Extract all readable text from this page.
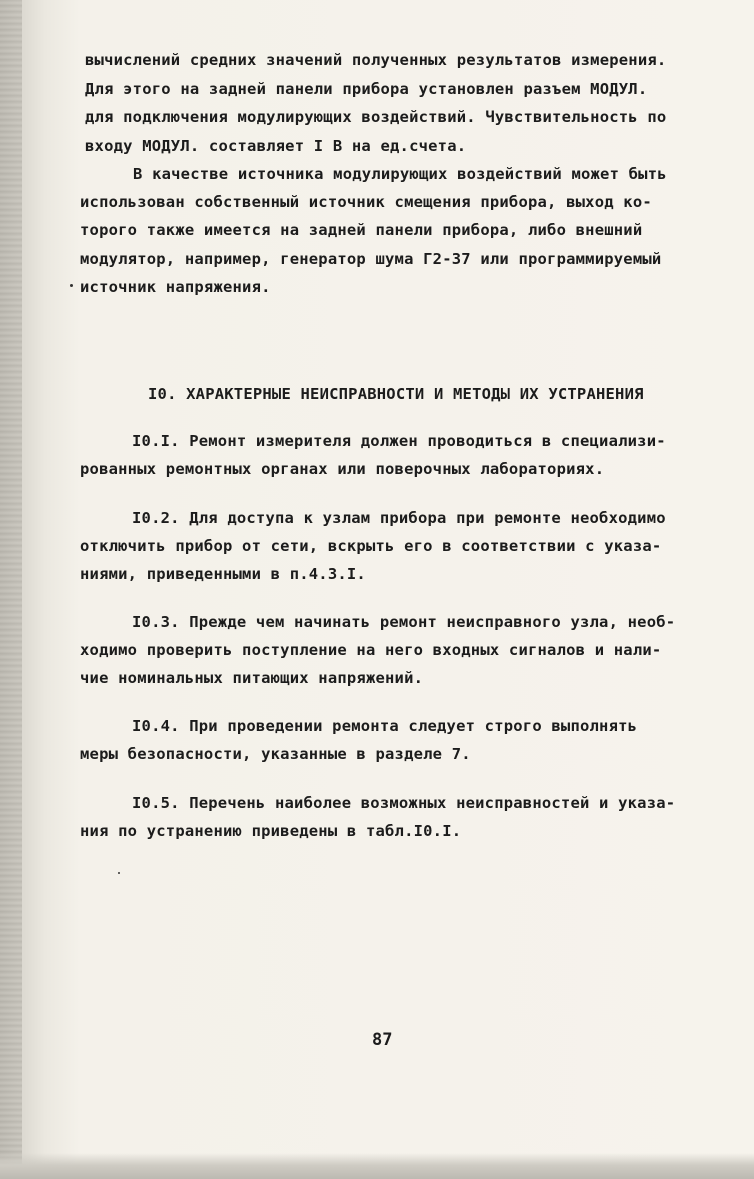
вычислений средних значений полученных результатов измерения.
Для этого на задней панели прибора установлен разъем МОДУЛ.
для подключения модулирующих воздействий. Чувствительность по
входу МОДУЛ. составляет I В на ед.счета.
В качестве источника модулирующих воздействий может быть
использован собственный источник смещения прибора, выход ко-
торого также имеется на задней панели прибора, либо внешний
модулятор, например, генератор шума Г2-37 или программируемый
источник напряжения.
I0. ХАРАКТЕРНЫЕ НЕИСПРАВНОСТИ И МЕТОДЫ ИХ УСТРАНЕНИЯ
I0.I. Ремонт измерителя должен проводиться в специализи-
рованных ремонтных органах или поверочных лабораториях.
I0.2. Для доступа к узлам прибора при ремонте необходимо
отключить прибор от сети, вскрыть его в соответствии с указа-
ниями, приведенными в п.4.3.I.
I0.3. Прежде чем начинать ремонт неисправного узла, необ-
ходимо проверить поступление на него входных сигналов и нали-
чие номинальных питающих напряжений.
I0.4. При проведении ремонта следует строго выполнять
меры безопасности, указанные в разделе 7.
I0.5. Перечень наиболее возможных неисправностей и указа-
ния по устранению приведены в табл.I0.I.
87
